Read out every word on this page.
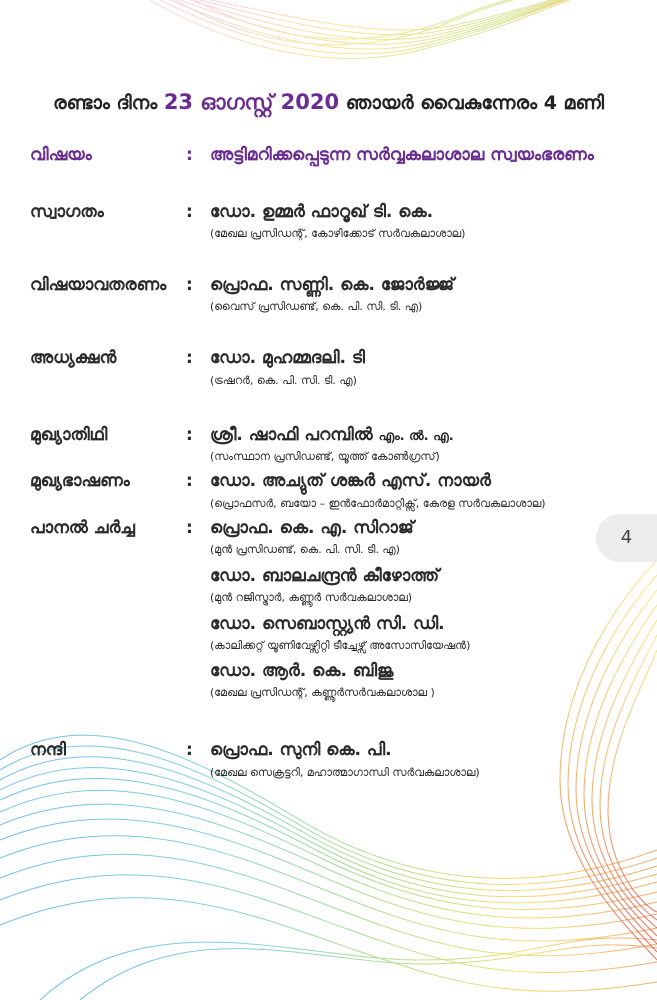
രണ്ടാം ദിനം 23 ഓഗസ്റ്റ് 2020 ഞായർ വൈകുന്നേരം 4 മണി
വിഷയം	: അട്ടിമറിക്കപ്പെടുന്ന സർവ്വകലാശാല സ്വയംഭരണം
സ്വാഗതം	: ഡോ. ഉമ്മർ ഫാറൂഖ് ടി. കെ.
(മേഖല പ്രസിഡന്റ്, കോഴിക്കോട് സർവകലാശാല)
വിഷയാവതരണം : പ്രൊഫ. സണ്ണി. കെ. ജോർജ്ജ്
(വൈസ് പ്രസിഡണ്ട്, കെ. പി. സി. ടി. എ)
അധ്യക്ഷൻ	: ഡോ. മുഹമ്മദലി. ടി
(ട്രഷറർ, കെ. പി. സി. ടി. എ)
മുഖ്യാതിഥി	: ശ്രീ. ഷാഫി പറമ്പിൽ എം. ൽ. എ.
(സംസ്ഥാന പ്രസിഡണ്ട്, യൂത്ത് കോൺഗ്രസ്)
മുഖ്യഭാഷണം	: ഡോ. അച്യുത് ശങ്കർ എസ്. നായർ
(പ്രൊഫസർ, ബയോ – ഇൻഫോർമാറ്റിക്സ്, കേരള സർവകലാശാല)
പാനൽ ചർച്ച	: പ്രൊഫ. കെ. എ. സിറാജ്
(മുൻ പ്രസിഡണ്ട്, കെ. പി. സി. ടി. എ)
ഡോ. ബാലചന്ദ്രൻ കീഴോത്ത്
(മുൻ റജിസ്ട്രാർ, കണ്ണൂർ സർവകലാശാല)
ഡോ. സെബാസ്റ്റ്യൻ സി. ഡി.
(കാലിക്കറ്റ് യൂണിവേഴ്സിറ്റി ടീച്ചേഴ്സ് അസോസിയേഷൻ)
ഡോ. ആർ. കെ. ബിജു
(മേഖല പ്രസിഡന്റ്, കണ്ണൂർസർവകലാശാല )
നന്ദി	: പ്രൊഫ. സുനി കെ. പി.
(മേഖല സെക്രട്ടറി, മഹാത്മാഗാന്ധി സർവകലാശാല)
4
